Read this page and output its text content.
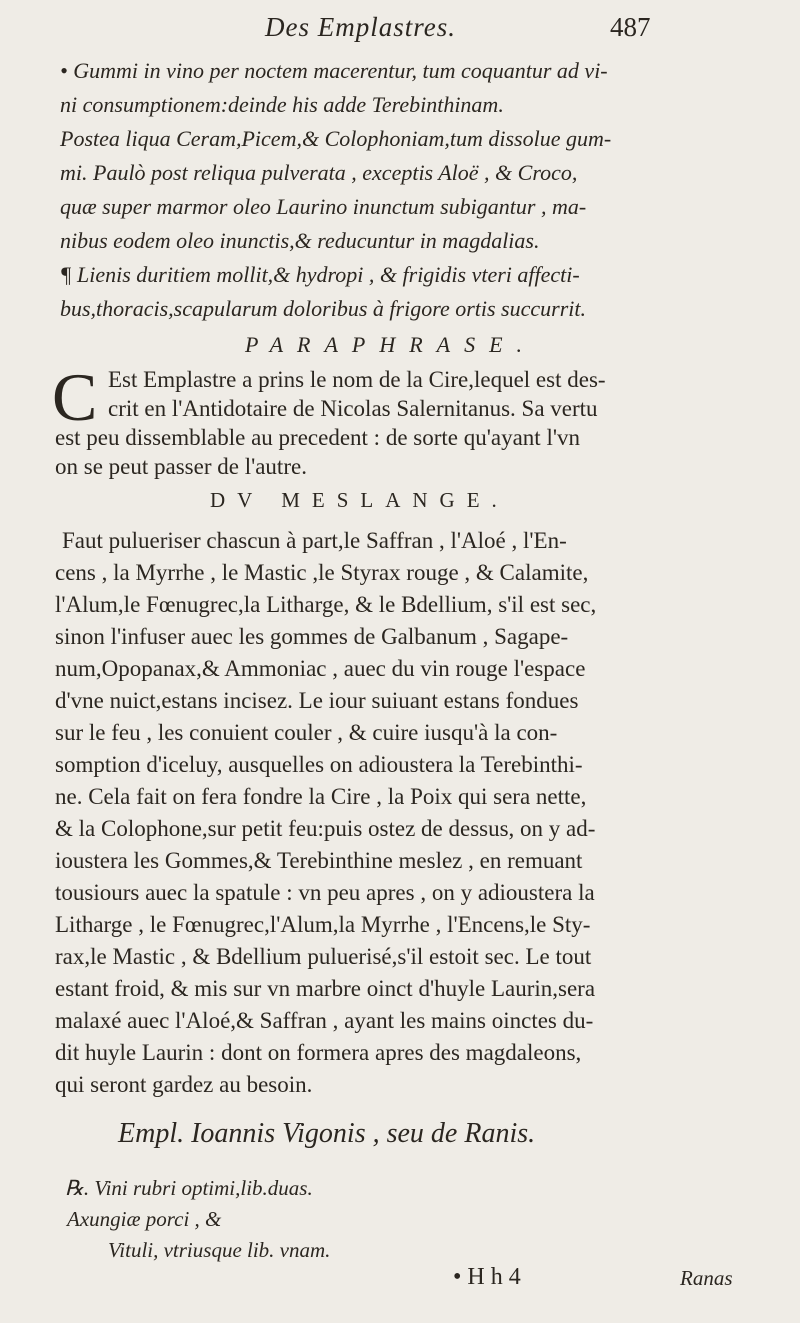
Des Emplastres.	487
• Gummi in vino per noctem macerentur, tum coquantur ad vi-
ni consumptionem:deinde his adde Terebinthinam.
Postea liqua Ceram,Picem,& Colophoniam,tum dissolue gum-
mi. Paulò post reliqua pulverata , exceptis Aloë , & Croco,
quæ super marmor oleo Laurino inunctum subigantur , ma-
nibus eodem oleo inunctis,& reducuntur in magdalias.
¶ Lienis duritiem mollit,& hydropi , & frigidis vteri affecti-
bus,thoracis,scapularum doloribus à frigore ortis succurrit.
PARAPHRASE.
C Est Emplastre a prins le nom de la Cire,lequel est des-
crit en l'Antidotaire de Nicolas Salernitanus. Sa vertu
est peu dissemblable au precedent : de sorte qu'ayant l'vn
on se peut passer de l'autre.
DV MESLANGE.
Faut pulueriser chascun à part,le Saffran , l'Aloé , l'En-
cens , la Myrrhe , le Mastic ,le Styrax rouge , & Calamite,
l'Alum,le Fœnugrec,la Litharge, & le Bdellium, s'il est sec,
sinon l'infuser auec les gommes de Galbanum , Sagape-
num,Opopanax,& Ammoniac , auec du vin rouge l'espace
d'vne nuict,estans incisez. Le iour suiuant estans fondues
sur le feu , les conuient couler , & cuire iusqu'à la con-
somption d'iceluy, ausquelles on adioustera la Terebinthi-
ne. Cela fait on fera fondre la Cire , la Poix qui sera nette,
& la Colophone,sur petit feu:puis ostez de dessus, on y ad-
ioustera les Gommes,& Terebinthine meslez , en remuant
tousiours auec la spatule : vn peu apres , on y adioustera la
Litharge , le Fœnugrec,l'Alum,la Myrrhe , l'Encens,le Sty-
rax,le Mastic , & Bdellium puluerisé,s'il estoit sec. Le tout
estant froid, & mis sur vn marbre oinct d'huyle Laurin,sera
malaxé auec l'Aloé,& Saffran , ayant les mains oinctes du-
dit huyle Laurin : dont on formera apres des magdaleons,
qui seront gardez au besoin.
Empl. Ioannis Vigonis , seu de Ranis.
℞. Vini rubri optimi,lib.duas.
Axungiæ porci , &
Vituli, vtriusque lib. vnam.
• H h 4	Ranas
